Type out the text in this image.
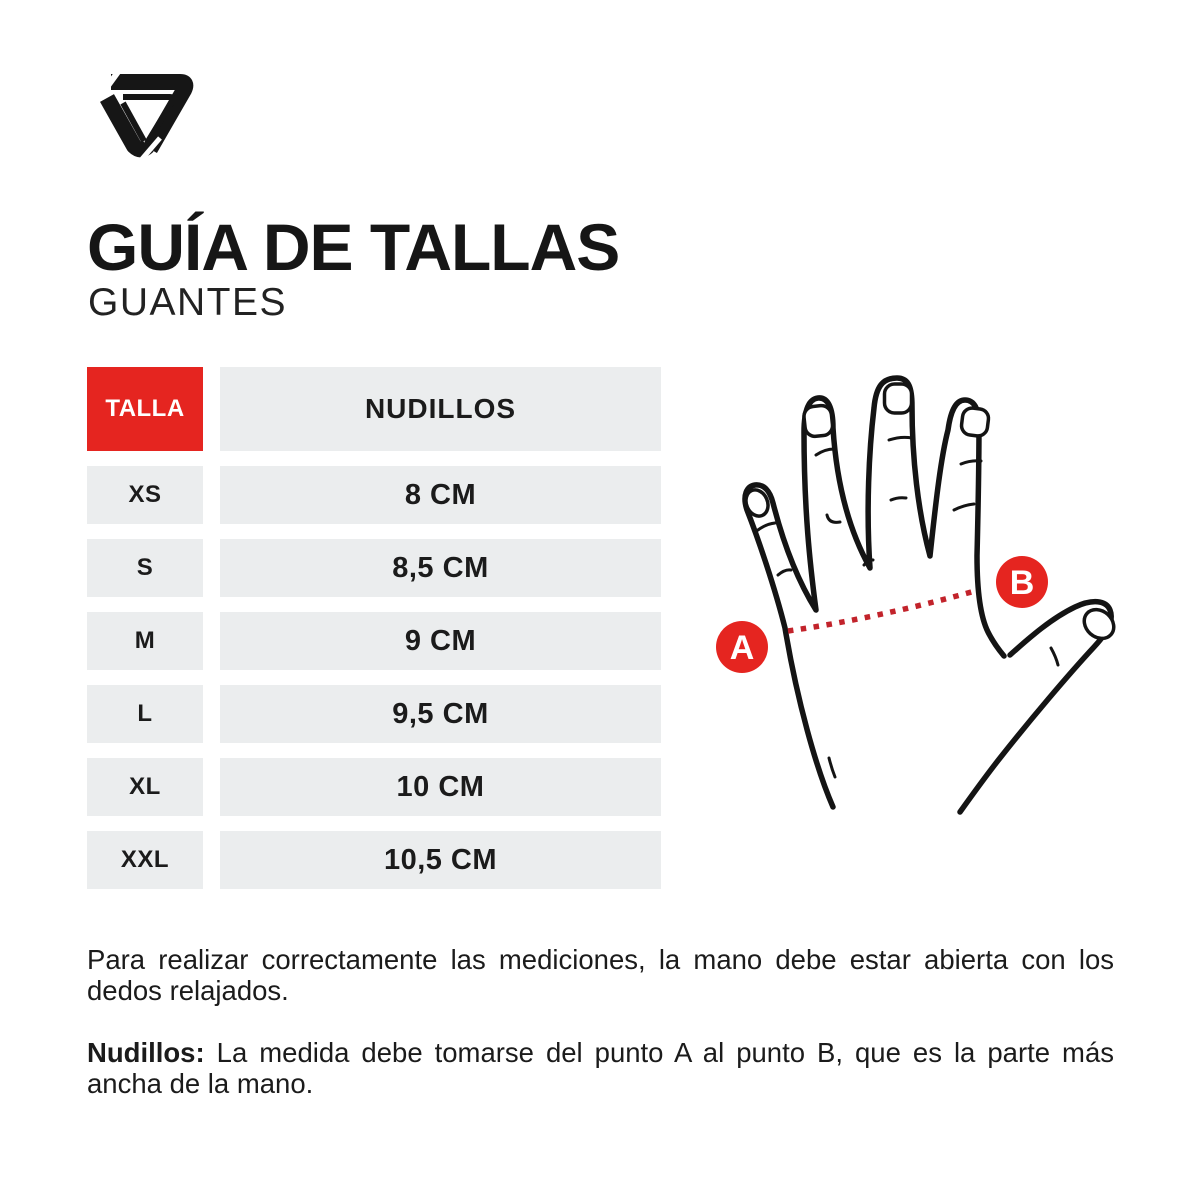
GUÍA DE TALLAS
GUANTES
TALLA	NUDILLOS
XS	8 CM
S	8,5 CM
M	9 CM
L	9,5 CM
XL	10 CM
XXL	10,5 CM
A
B

Para realizar correctamente las mediciones, la mano debe estar abierta con los dedos relajados.

Nudillos: La medida debe tomarse del punto A al punto B, que es la parte más ancha de la mano.
